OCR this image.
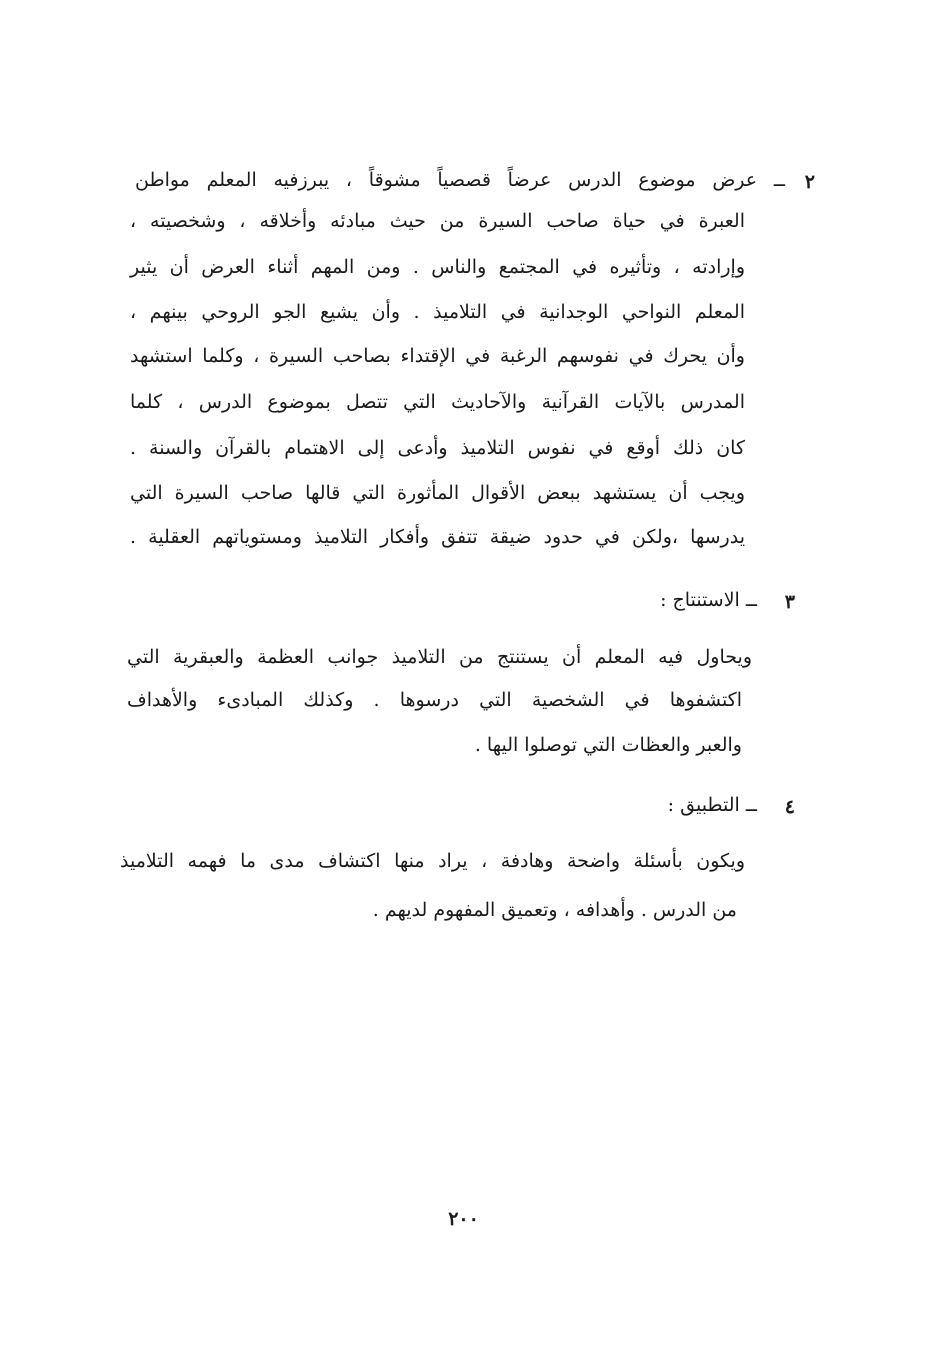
٢
ــ عرض موضوع الدرس عرضاً قصصياً مشوقاً ، يبرزفيه المعلم مواطن
العبرة في حياة صاحب السيرة من حيث مبادئه وأخلاقه ، وشخصيته ،
وإرادته ، وتأثيره في المجتمع والناس . ومن المهم أثناء العرض أن يثير
المعلم النواحي الوجدانية في التلاميذ . وأن يشيع الجو الروحي بينهم ،
وأن يحرك في نفوسهم الرغبة في الإقتداء بصاحب السيرة ، وكلما استشهد
المدرس بالآيات القرآنية والآحاديث التي تتصل بموضوع الدرس ، كلما
كان ذلك أوقع في نفوس التلاميذ وأدعى إلى الاهتمام بالقرآن والسنة .
ويجب أن يستشهد ببعض الأقوال المأثورة التي قالها صاحب السيرة التي
يدرسها ،ولكن في حدود ضيقة تتفق وأفكار التلاميذ ومستوياتهم العقلية .
٣
ــ الاستنتاج :
ويحاول فيه المعلم أن يستنتج من التلاميذ جوانب العظمة والعبقرية التي
اكتشفوها في الشخصية التي درسوها . وكذلك المبادىء والأهداف
والعبر والعظات التي توصلوا اليها .
٤
ــ التطبيق :
ويكون بأسئلة واضحة وهادفة ، يراد منها اكتشاف مدى ما فهمه التلاميذ
من الدرس . وأهدافه ، وتعميق المفهوم لديهم .
٢٠٠
